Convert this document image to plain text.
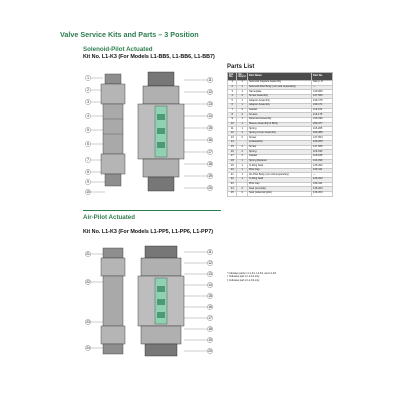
Valve Service Kits and Parts – 3 Position
Solenoid-Pilot Actuated
Kit No. L1-K3 (For Models L1-BB5, L1-BB6, L1-BB7)
1
2
3
4
5
6
7
8
9
10
11
12
13
14
15
16
17
18
19
20
Air-Pilot Actuated
Kit No. L1-K3 (For Models L1-PP5, L1-PP6, L1-PP7)
21
22
23
24
11
12
13
14
15
16
17
18
19
20
Parts List
Ind. No.	No. Req'd	Part Name	Part No.
1	1	Solenoid Capsule Assembly	See p. 8
2	1	Solenoid-Pilot Body (not sold separately)	—
3	1	Nameplate	120-660
4	2	Screw Assembly	127-560
5	1	Adaptor Assembly	219-175
6	1	Adaptor Assembly	219-171
7	2	Gasket	113-161
8	2	Screws	113-175
9	1	Detented Assembly	210-196
10	1	Sleeve Assembly & Body	209-377
11	1	Spring	115-265
12	1	Spring Cover Assembly	209-380
13	2	Screw	127-564
14		Lockwasher	126-205
15	2	Screw	127-565
16	2	Spring	115-330
17	2	Gasket	118-189
18	1	Spring Retainer	116-390
19	1	O-Ring Seal	126-202
20	1	Pilot Cap	109-411
21	1	Air-Pilot Body (not sold separately)	—
22	1	O-Ring Seal	126-202
23		Pilot Cap	109-411
24	2	Seal (override)	126-203
25	2	Seal (solenoid pilot)	126-204
* Indicates parts in L1-K1, L1-K2, and L1-K3
† Indicates part in L1-K1 only
‡ Indicates part in L1-K2 only
